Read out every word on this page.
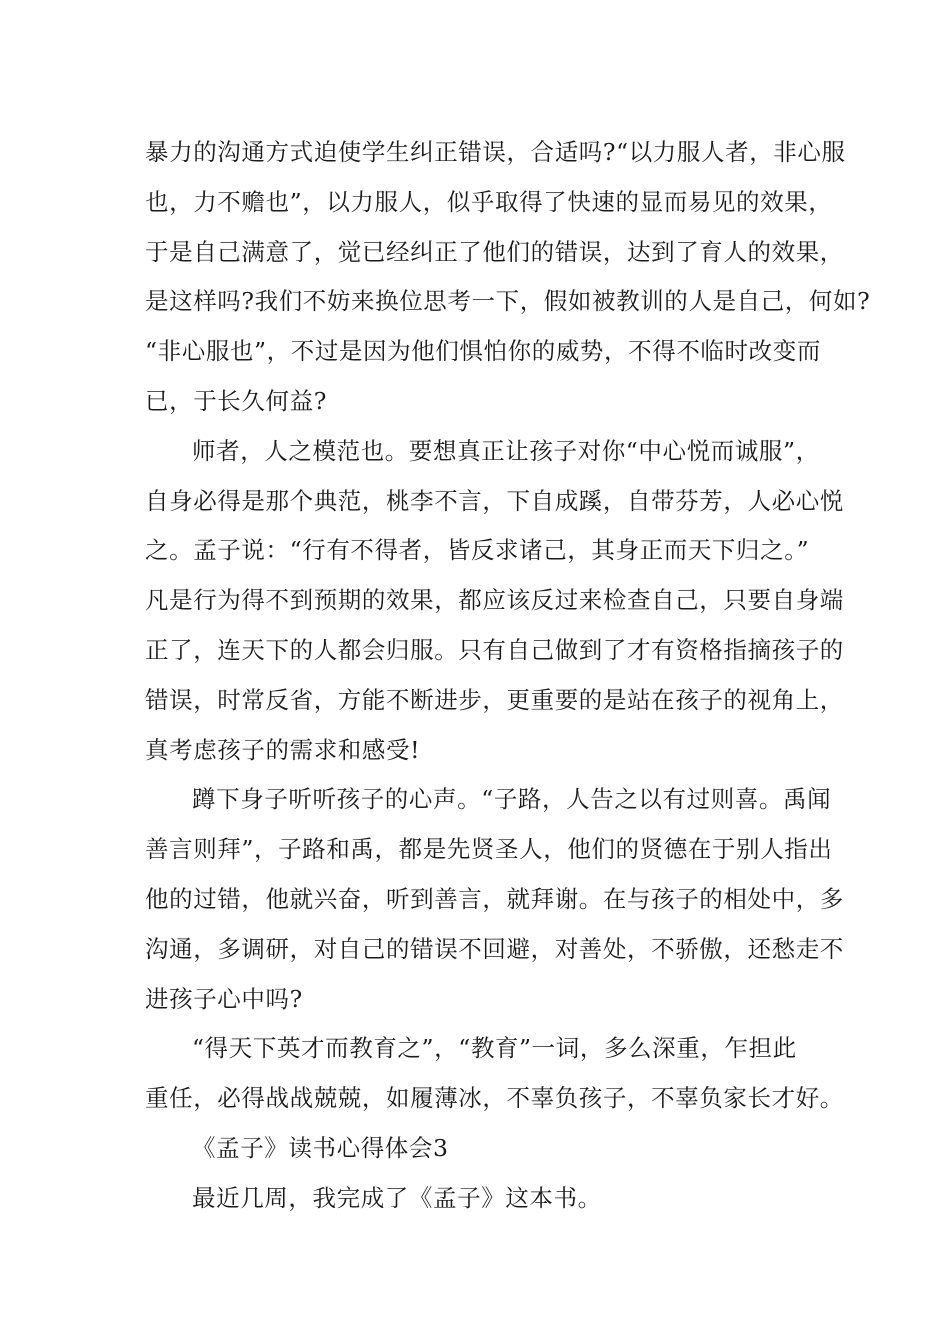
暴力的沟通方式迫使学生纠正错误，合适吗?“以力服人者，非心服
也，力不赡也”，以力服人，似乎取得了快速的显而易见的效果，
于是自己满意了，觉已经纠正了他们的错误，达到了育人的效果，
是这样吗?我们不妨来换位思考一下，假如被教训的人是自己，何如?
“非心服也”，不过是因为他们惧怕你的威势，不得不临时改变而
已，于长久何益?
师者，人之模范也。要想真正让孩子对你“中心悦而诚服”，
自身必得是那个典范，桃李不言，下自成蹊，自带芬芳，人必心悦
之。孟子说：“行有不得者，皆反求诸己，其身正而天下归之。”
凡是行为得不到预期的效果，都应该反过来检查自己，只要自身端
正了，连天下的人都会归服。只有自己做到了才有资格指摘孩子的
错误，时常反省，方能不断进步，更重要的是站在孩子的视角上，
真考虑孩子的需求和感受!
蹲下身子听听孩子的心声。“子路，人告之以有过则喜。禹闻
善言则拜”，子路和禹，都是先贤圣人，他们的贤德在于别人指出
他的过错，他就兴奋，听到善言，就拜谢。在与孩子的相处中，多
沟通，多调研，对自己的错误不回避，对善处，不骄傲，还愁走不
进孩子心中吗?
“得天下英才而教育之”，“教育”一词，多么深重，乍担此
重任，必得战战兢兢，如履薄冰，不辜负孩子，不辜负家长才好。
《孟子》读书心得体会3
最近几周，我完成了《孟子》这本书。
